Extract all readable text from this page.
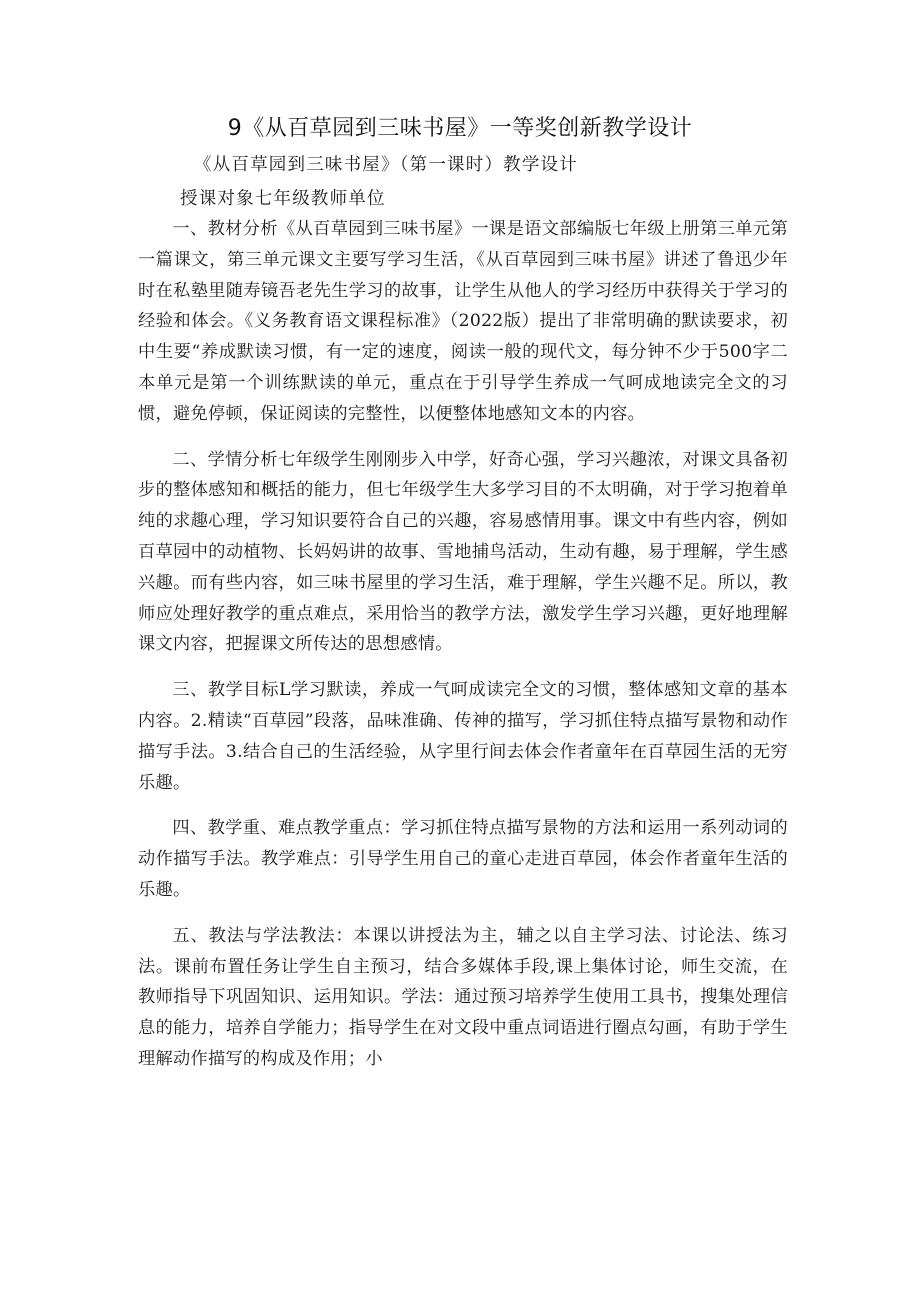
9《从百草园到三味书屋》一等奖创新教学设计

《从百草园到三味书屋》（第一课时）教学设计

授课对象七年级教师单位

一、教材分析《从百草园到三味书屋》一课是语文部编版七年级上册第三单元第一篇课文，第三单元课文主要写学习生活，《从百草园到三味书屋》讲述了鲁迅少年时在私塾里随寿镜吾老先生学习的故事，让学生从他人的学习经历中获得关于学习的经验和体会。《义务教育语文课程标准》（2022版）提出了非常明确的默读要求，初中生要“养成默读习惯，有一定的速度，阅读一般的现代文，每分钟不少于500字二本单元是第一个训练默读的单元，重点在于引导学生养成一气呵成地读完全文的习惯，避免停顿，保证阅读的完整性，以便整体地感知文本的内容。

二、学情分析七年级学生刚刚步入中学，好奇心强，学习兴趣浓，对课文具备初步的整体感知和概括的能力，但七年级学生大多学习目的不太明确，对于学习抱着单纯的求趣心理，学习知识要符合自己的兴趣，容易感情用事。课文中有些内容，例如百草园中的动植物、长妈妈讲的故事、雪地捕鸟活动，生动有趣，易于理解，学生感兴趣。而有些内容，如三味书屋里的学习生活，难于理解，学生兴趣不足。所以，教师应处理好教学的重点难点，采用恰当的教学方法，激发学生学习兴趣，更好地理解课文内容，把握课文所传达的思想感情。

三、教学目标L学习默读，养成一气呵成读完全文的习惯，整体感知文章的基本内容。2.精读“百草园”段落，品味准确、传神的描写，学习抓住特点描写景物和动作描写手法。3.结合自己的生活经验，从字里行间去体会作者童年在百草园生活的无穷乐趣。

四、教学重、难点教学重点：学习抓住特点描写景物的方法和运用一系列动词的动作描写手法。教学难点：引导学生用自己的童心走进百草园，体会作者童年生活的乐趣。

五、教法与学法教法：本课以讲授法为主，辅之以自主学习法、讨论法、练习法。课前布置任务让学生自主预习，结合多媒体手段,课上集体讨论，师生交流，在教师指导下巩固知识、运用知识。学法：通过预习培养学生使用工具书，搜集处理信息的能力，培养自学能力；指导学生在对文段中重点词语进行圈点勾画，有助于学生理解动作描写的构成及作用；小
